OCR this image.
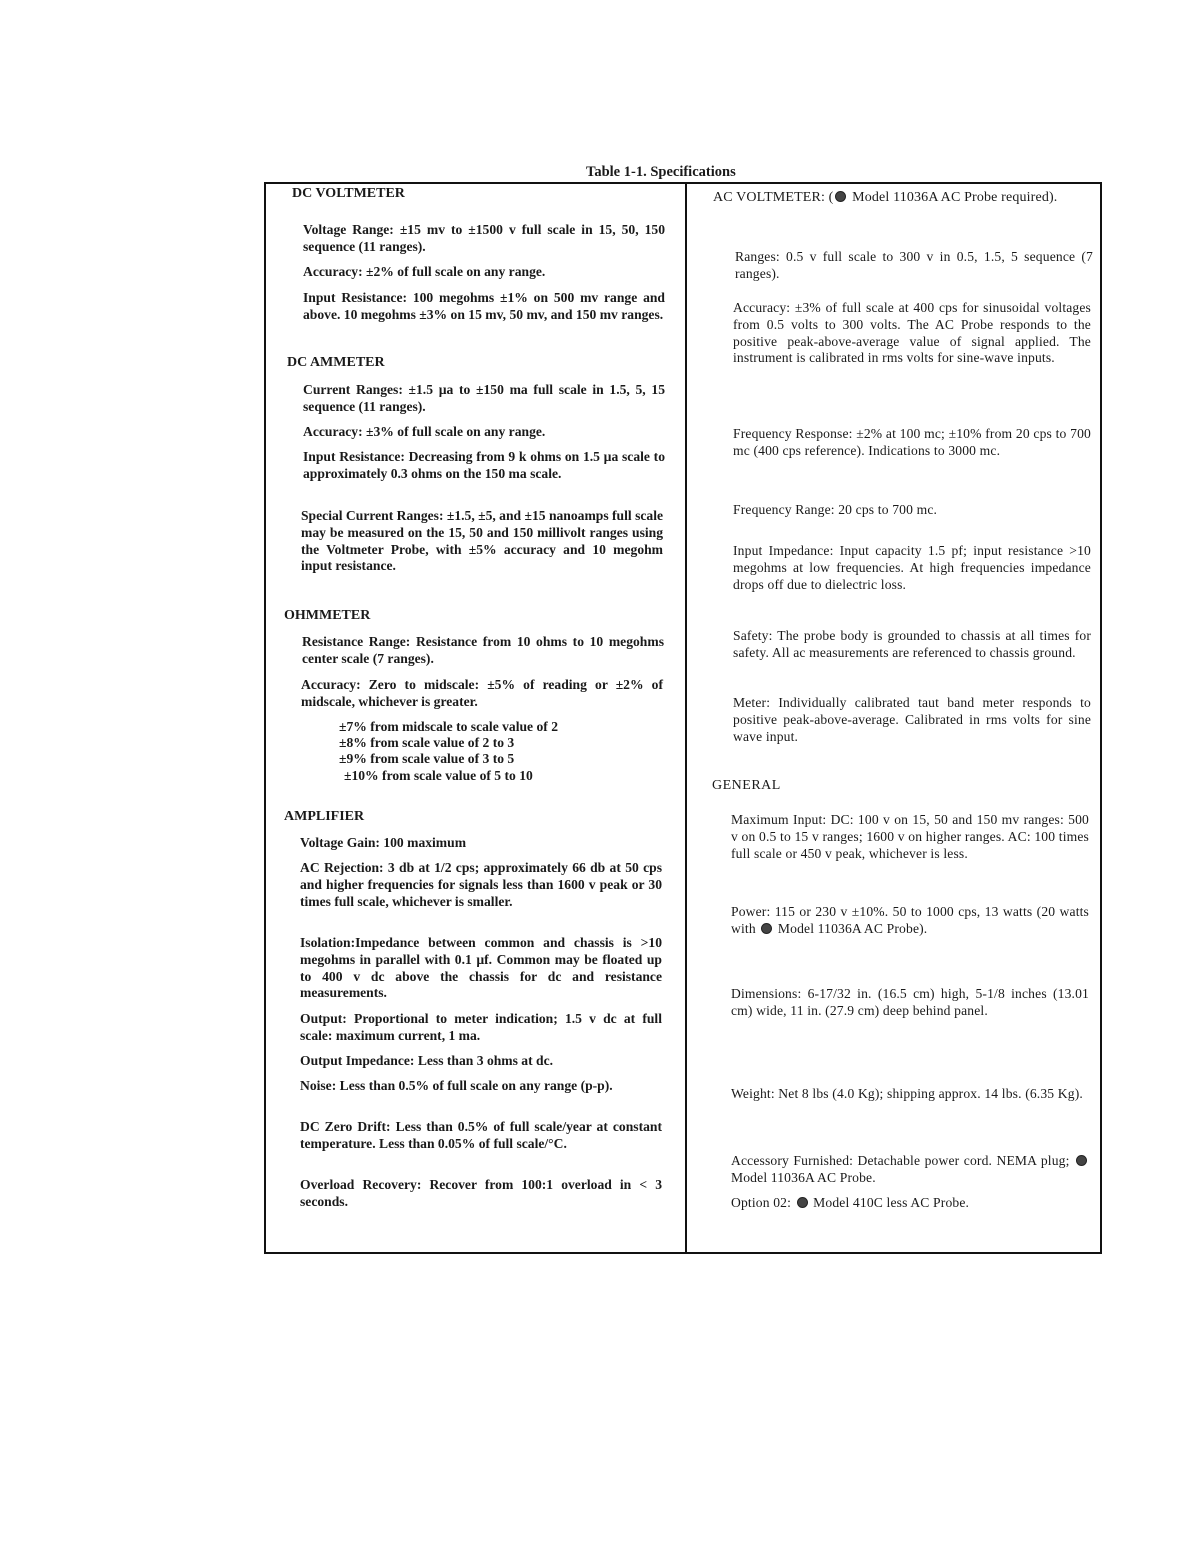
Table 1-1. Specifications
DC VOLTMETER
Voltage Range: ±15 mv to ±1500 v full scale in 15, 50, 150 sequence (11 ranges).
Accuracy: ±2% of full scale on any range.
Input Resistance: 100 megohms ±1% on 500 mv range and above. 10 megohms ±3% on 15 mv, 50 mv, and 150 mv ranges.
DC AMMETER
Current Ranges: ±1.5 µa to ±150 ma full scale in 1.5, 5, 15 sequence (11 ranges).
Accuracy: ±3% of full scale on any range.
Input Resistance: Decreasing from 9 k ohms on 1.5 µa scale to approximately 0.3 ohms on the 150 ma scale.
Special Current Ranges: ±1.5, ±5, and ±15 nanoamps full scale may be measured on the 15, 50 and 150 millivolt ranges using the Voltmeter Probe, with ±5% accuracy and 10 megohm input resistance.
OHMMETER
Resistance Range: Resistance from 10 ohms to 10 megohms center scale (7 ranges).
Accuracy: Zero to midscale: ±5% of reading or ±2% of midscale, whichever is greater.
±7% from midscale to scale value of 2
±8% from scale value of 2 to 3
±9% from scale value of 3 to 5
±10% from scale value of 5 to 10
AMPLIFIER
Voltage Gain: 100 maximum
AC Rejection: 3 db at 1/2 cps; approximately 66 db at 50 cps and higher frequencies for signals less than 1600 v peak or 30 times full scale, whichever is smaller.
Isolation:Impedance between common and chassis is >10 megohms in parallel with 0.1 µf. Common may be floated up to 400 v dc above the chassis for dc and resistance measurements.
Output: Proportional to meter indication; 1.5 v dc at full scale: maximum current, 1 ma.
Output Impedance: Less than 3 ohms at dc.
Noise: Less than 0.5% of full scale on any range (p-p).
DC Zero Drift: Less than 0.5% of full scale/year at constant temperature. Less than 0.05% of full scale/°C.
Overload Recovery: Recover from 100:1 overload in < 3 seconds.
AC VOLTMETER: ( Model 11036A AC Probe required).
Ranges: 0.5 v full scale to 300 v in 0.5, 1.5, 5 sequence (7 ranges).
Accuracy: ±3% of full scale at 400 cps for sinusoidal voltages from 0.5 volts to 300 volts. The AC Probe responds to the positive peak-above-average value of signal applied. The instrument is calibrated in rms volts for sine-wave inputs.
Frequency Response: ±2% at 100 mc; ±10% from 20 cps to 700 mc (400 cps reference). Indications to 3000 mc.
Frequency Range: 20 cps to 700 mc.
Input Impedance: Input capacity 1.5 pf; input resistance >10 megohms at low frequencies. At high frequencies impedance drops off due to dielectric loss.
Safety: The probe body is grounded to chassis at all times for safety. All ac measurements are referenced to chassis ground.
Meter: Individually calibrated taut band meter responds to positive peak-above-average. Calibrated in rms volts for sine wave input.
GENERAL
Maximum Input: DC: 100 v on 15, 50 and 150 mv ranges: 500 v on 0.5 to 15 v ranges; 1600 v on higher ranges. AC: 100 times full scale or 450 v peak, whichever is less.
Power: 115 or 230 v ±10%. 50 to 1000 cps, 13 watts (20 watts with  Model 11036A AC Probe).
Dimensions: 6-17/32 in. (16.5 cm) high, 5-1/8 inches (13.01 cm) wide, 11 in. (27.9 cm) deep behind panel.
Weight: Net 8 lbs (4.0 Kg); shipping approx. 14 lbs. (6.35 Kg).
Accessory Furnished: Detachable power cord. NEMA plug;  Model 11036A AC Probe.
Option 02:  Model 410C less AC Probe.
